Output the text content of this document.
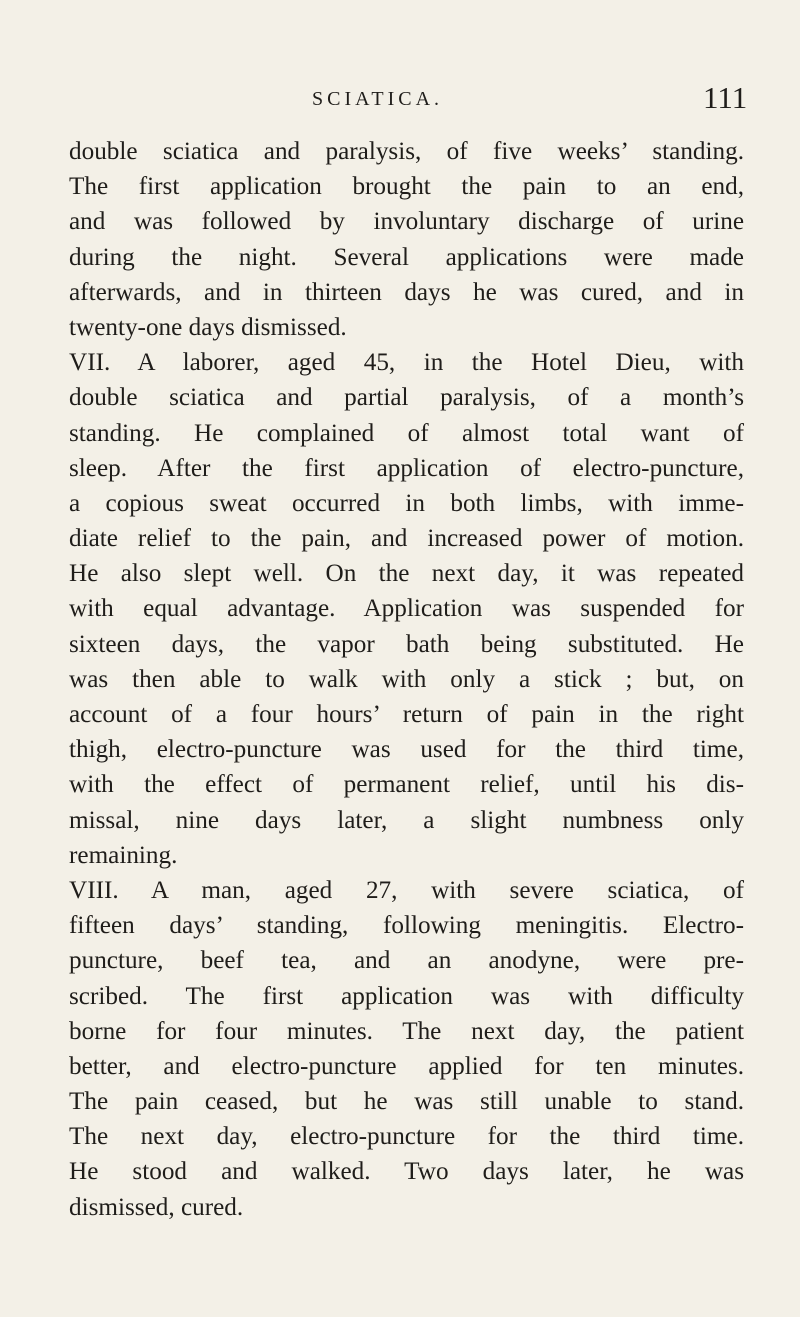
SCIATICA.	111
double sciatica and paralysis, of five weeks’ standing.
The first application brought the pain to an end,
and was followed by involuntary discharge of urine
during the night. Several applications were made
afterwards, and in thirteen days he was cured, and in
twenty-one days dismissed.
VII. A laborer, aged 45, in the Hotel Dieu, with
double sciatica and partial paralysis, of a month’s
standing. He complained of almost total want of
sleep. After the first application of electro-puncture,
a copious sweat occurred in both limbs, with imme-
diate relief to the pain, and increased power of motion.
He also slept well. On the next day, it was repeated
with equal advantage. Application was suspended for
sixteen days, the vapor bath being substituted. He
was then able to walk with only a stick ; but, on
account of a four hours’ return of pain in the right
thigh, electro-puncture was used for the third time,
with the effect of permanent relief, until his dis-
missal, nine days later, a slight numbness only
remaining.
VIII. A man, aged 27, with severe sciatica, of
fifteen days’ standing, following meningitis. Electro-
puncture, beef tea, and an anodyne, were pre-
scribed. The first application was with difficulty
borne for four minutes. The next day, the patient
better, and electro-puncture applied for ten minutes.
The pain ceased, but he was still unable to stand.
The next day, electro-puncture for the third time.
He stood and walked. Two days later, he was
dismissed, cured.
